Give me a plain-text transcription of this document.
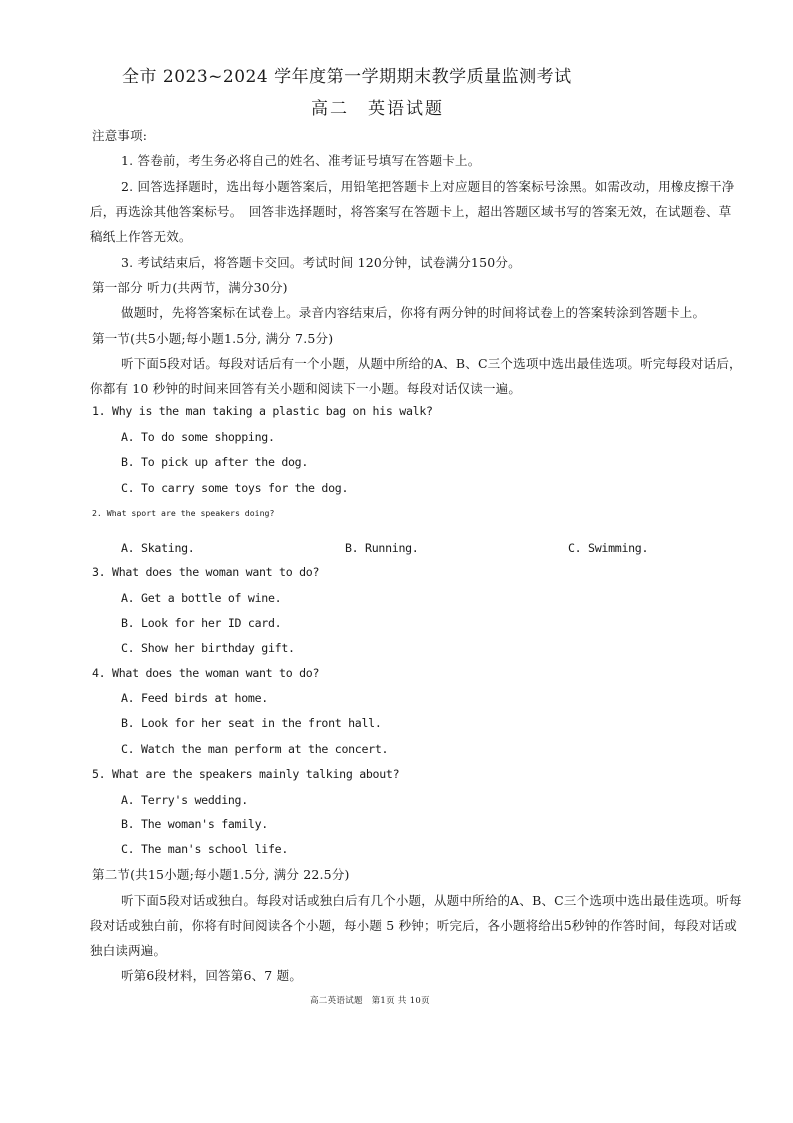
全市 2023~2024 学年度第一学期期末教学质量监测考试
高二　英语试题
注意事项:
1. 答卷前，考生务必将自己的姓名、准考证号填写在答题卡上。
2. 回答选择题时，选出每小题答案后，用铅笔把答题卡上对应题目的答案标号涂黑。如需改动，用橡皮擦干净
后，再选涂其他答案标号。　回答非选择题时，将答案写在答题卡上，超出答题区域书写的答案无效，在试题卷、草
稿纸上作答无效。
3. 考试结束后，将答题卡交回。考试时间 120分钟，试卷满分150分。
第一部分 听力(共两节，满分30分)
做题时，先将答案标在试卷上。录音内容结束后，你将有两分钟的时间将试卷上的答案转涂到答题卡上。
第一节(共5小题;每小题1.5分, 满分 7.5分)
听下面5段对话。每段对话后有一个小题，从题中所给的A、B、C三个选项中选出最佳选项。听完每段对话后，
你都有 10 秒钟的时间来回答有关小题和阅读下一小题。每段对话仅读一遍。
1. Why is the man taking a plastic bag on his walk?
A. To do some shopping.
B. To pick up after the dog.
C. To carry some toys for the dog.
2. What sport are the speakers doing?
A. Skating.	B. Running.	C. Swimming.
3. What does the woman want to do?
A. Get a bottle of wine.
B. Look for her ID card.
C. Show her birthday gift.
4. What does the woman want to do?
A. Feed birds at home.
B. Look for her seat in the front hall.
C. Watch the man perform at the concert.
5. What are the speakers mainly talking about?
A. Terry's wedding.
B. The woman's family.
C. The man's school life.
第二节(共15小题;每小题1.5分, 满分 22.5分)
听下面5段对话或独白。每段对话或独白后有几个小题，从题中所给的A、B、C三个选项中选出最佳选项。听每
段对话或独白前，你将有时间阅读各个小题，每小题 5 秒钟；听完后，各小题将给出5秒钟的作答时间，每段对话或
独白读两遍。
听第6段材料，回答第6、7 题。
高二英语试题　第1页 共 10页
